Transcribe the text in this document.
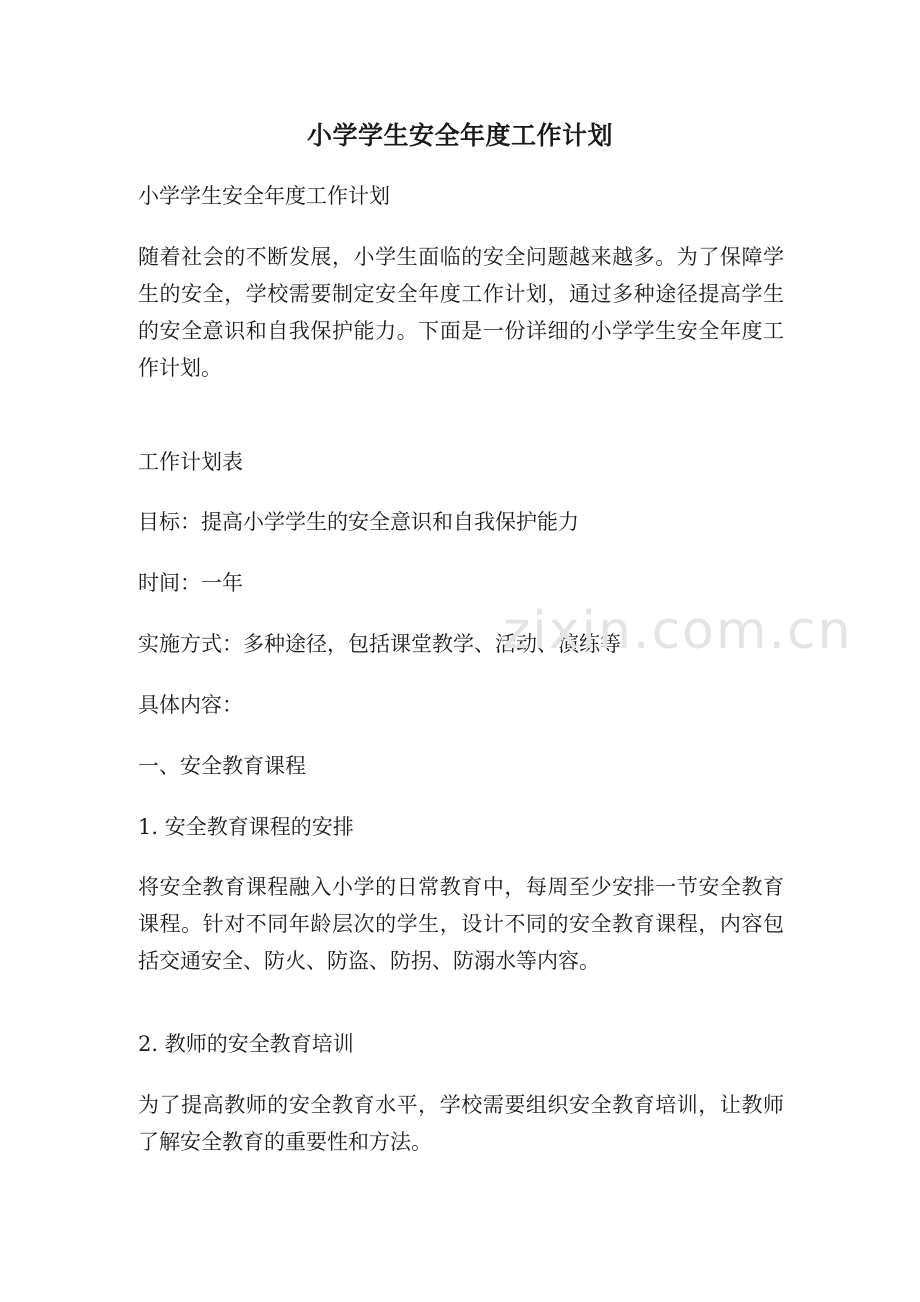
小学学生安全年度工作计划

小学学生安全年度工作计划

随着社会的不断发展，小学生面临的安全问题越来越多。为了保障学生的安全，学校需要制定安全年度工作计划，通过多种途径提高学生的安全意识和自我保护能力。下面是一份详细的小学学生安全年度工作计划。

工作计划表

目标：提高小学学生的安全意识和自我保护能力

时间：一年

实施方式：多种途径，包括课堂教学、活动、演练等

具体内容：

一、安全教育课程

1. 安全教育课程的安排

将安全教育课程融入小学的日常教育中，每周至少安排一节安全教育课程。针对不同年龄层次的学生，设计不同的安全教育课程，内容包括交通安全、防火、防盗、防拐、防溺水等内容。

2. 教师的安全教育培训

为了提高教师的安全教育水平，学校需要组织安全教育培训，让教师了解安全教育的重要性和方法。

zixin.com.cn
